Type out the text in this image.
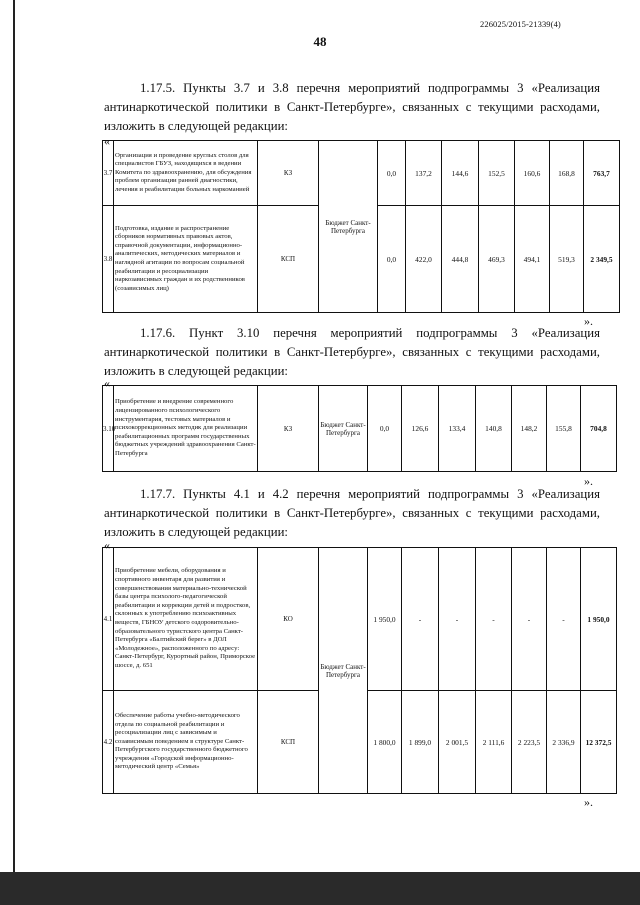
226025/2015-21339(4)
48
1.17.5. Пункты 3.7 и 3.8 перечня мероприятий подпрограммы 3 «Реализация
антинаркотической политики в Санкт-Петербурге», связанных с текущими расходами,
изложить в следующей редакции:
«
3.7	Организация и проведение круглых столов для специалистов ГБУЗ, находящихся в ведении Комитета по здравоохранению, для обсуждения проблем организации ранней диагностики, лечения и реабилитации больных наркоманией	КЗ	Бюджет Санкт-Петербурга	0,0	137,2	144,6	152,5	160,6	168,8	763,7
3.8	Подготовка, издание и распространение сборников нормативных правовых актов, справочной документации, информационно-аналитических, методических материалов и наглядной агитации по вопросам социальной реабилитации и ресоциализации наркозависимых граждан и их родственников (созависимых лиц)	КСП		0,0	422,0	444,8	469,3	494,1	519,3	2 349,5
».
1.17.6. Пункт 3.10 перечня мероприятий подпрограммы 3 «Реализация
антинаркотической политики в Санкт-Петербурге», связанных с текущими расходами,
изложить в следующей редакции:
«
3.10	Приобретение и внедрение современного лицензированного психологического инструментария, тестовых материалов и психокоррекционных методик для реализации реабилитационных программ государственных бюджетных учреждений здравоохранения Санкт-Петербурга	КЗ	Бюджет Санкт-Петербурга	0,0	126,6	133,4	140,8	148,2	155,8	704,8
».
1.17.7. Пункты 4.1 и 4.2 перечня мероприятий подпрограммы 3 «Реализация
антинаркотической политики в Санкт-Петербурге», связанных с текущими расходами,
изложить в следующей редакции:
«
4.1	Приобретение мебели, оборудования и спортивного инвентаря для развития и совершенствования материально-технической базы центра психолого-педагогической реабилитации и коррекции детей и подростков, склонных к употреблению психоактивных веществ, ГБНОУ детского оздоровительно-образовательного туристского центра Санкт-Петербурга «Балтийский берег» в ДОЛ «Молодежное», расположенного по адресу: Санкт-Петербург, Курортный район, Приморское шоссе, д. 651	КО	Бюджет Санкт-Петербурга	1 950,0	-	-	-	-	-	1 950,0
4.2	Обеспечение работы учебно-методического отдела по социальной реабилитации и ресоциализации лиц с зависимым и созависимым поведением в структуре Санкт-Петербургского государственного бюджетного учреждения «Городской информационно-методический центр «Семья»	КСП		1 800,0	1 899,0	2 001,5	2 111,6	2 223,5	2 336,9	12 372,5
».
